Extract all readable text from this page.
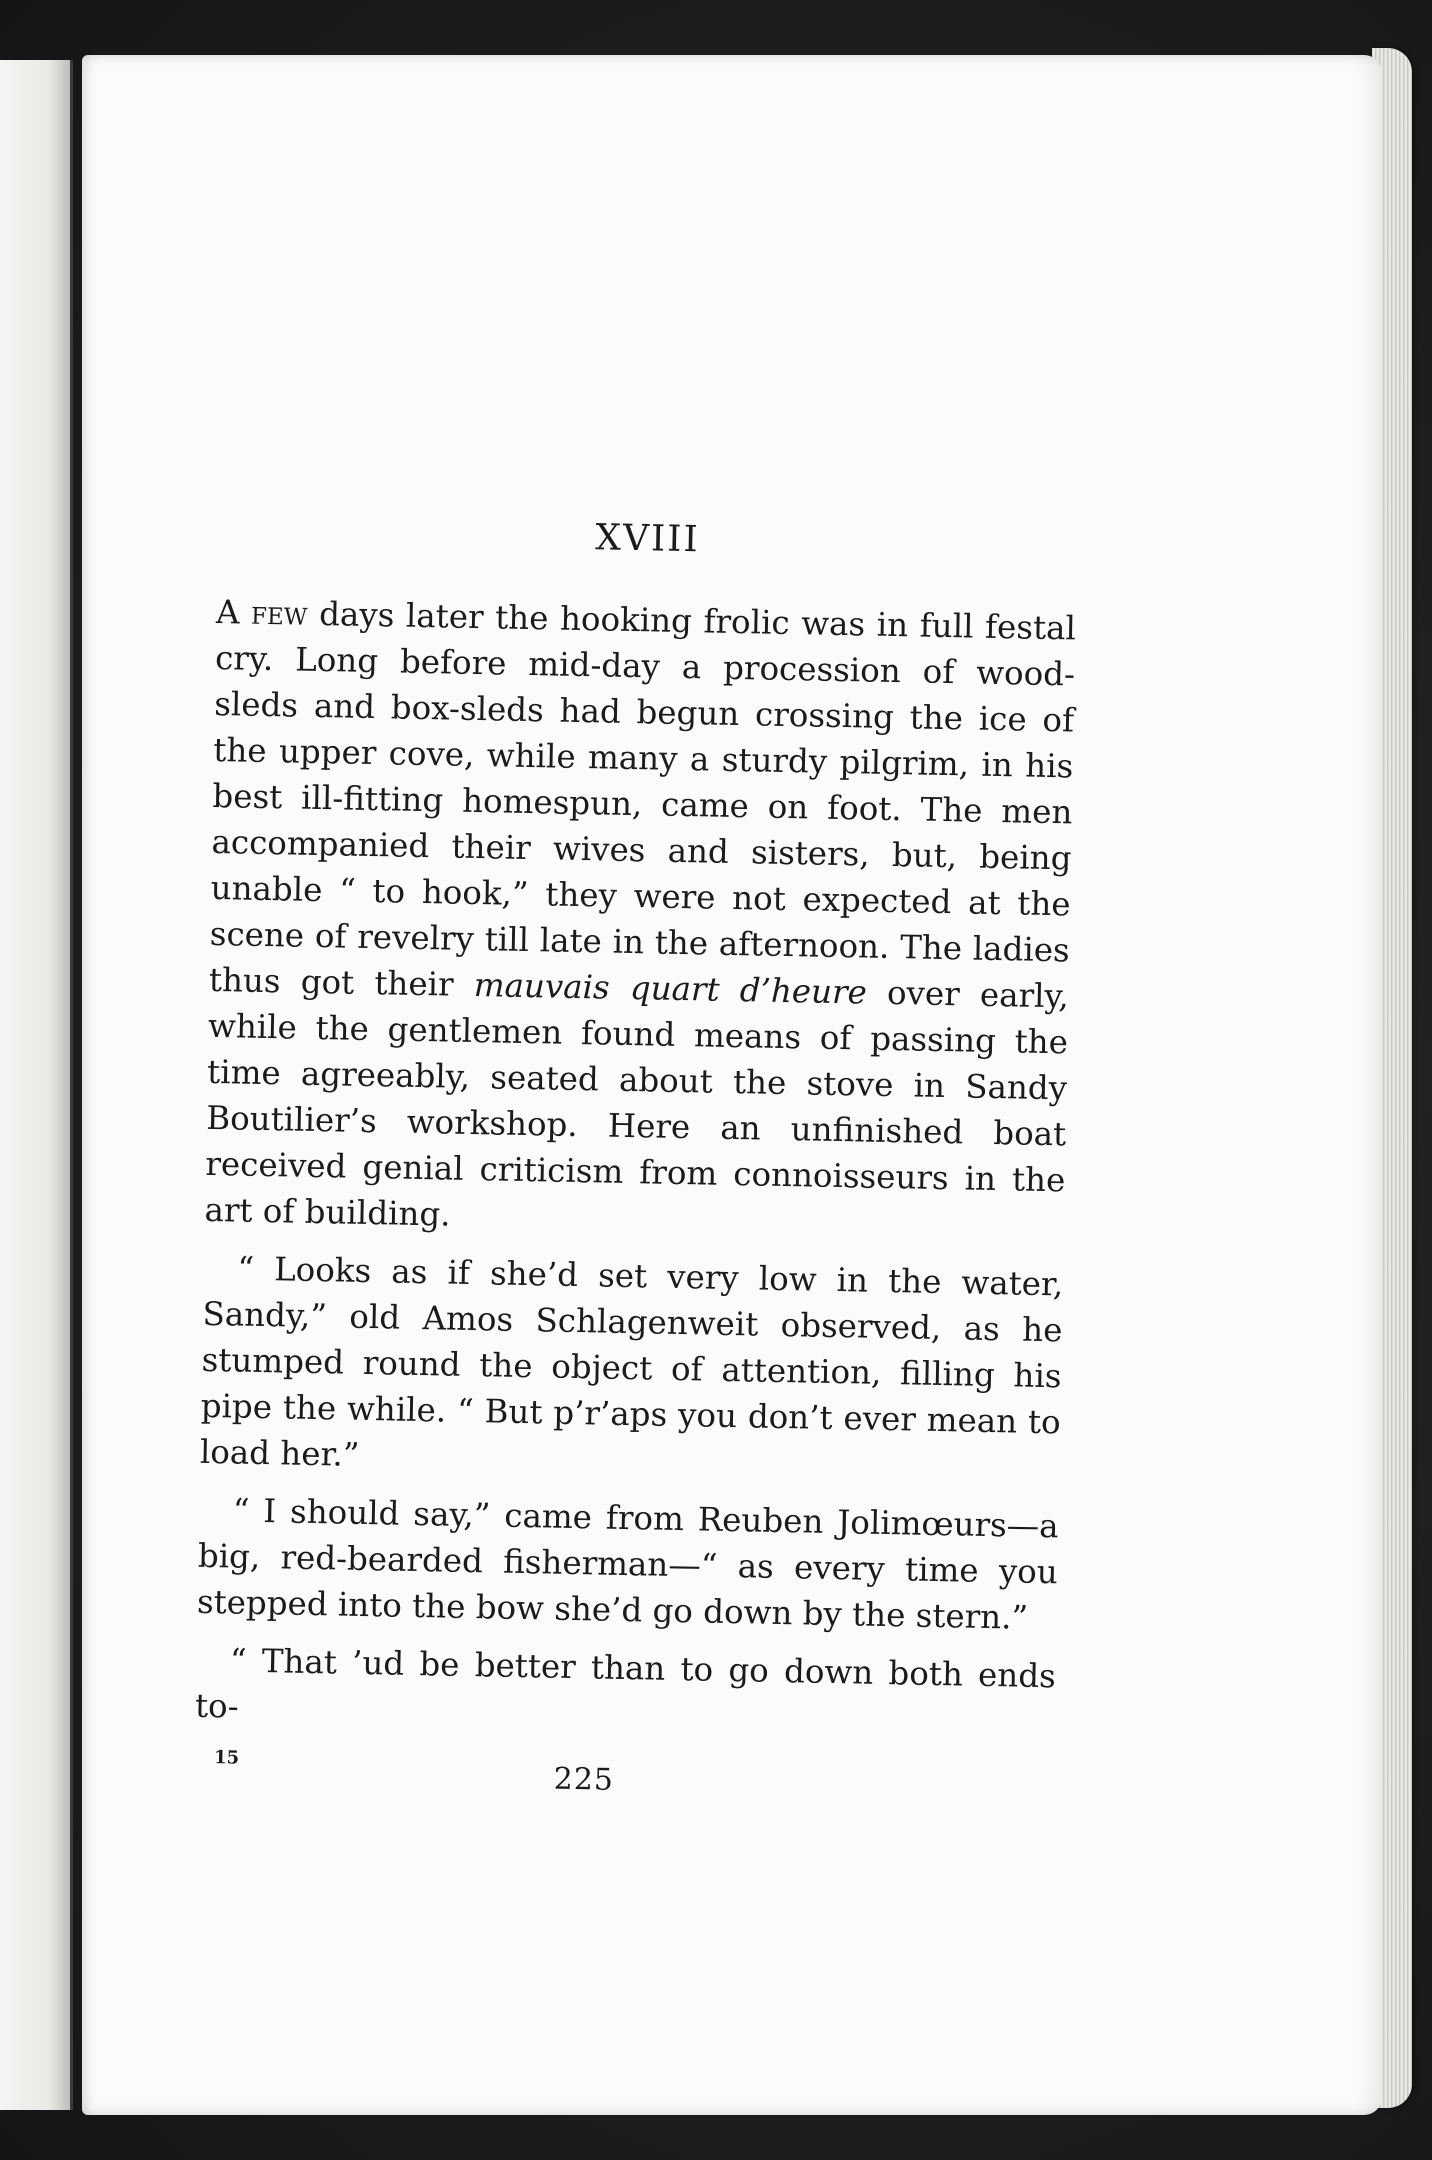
XVIII

A few days later the hooking frolic was in full festal cry. Long before mid-day a procession of wood-sleds and box-sleds had begun crossing the ice of the upper cove, while many a sturdy pilgrim, in his best ill-fitting homespun, came on foot. The men accompanied their wives and sisters, but, being unable “ to hook,” they were not expected at the scene of revelry till late in the afternoon. The ladies thus got their mauvais quart d’heure over early, while the gentlemen found means of passing the time agreeably, seated about the stove in Sandy Boutilier’s workshop. Here an unfinished boat received genial criticism from connoisseurs in the art of building.

“ Looks as if she’d set very low in the water, Sandy,” old Amos Schlagenweit observed, as he stumped round the object of attention, filling his pipe the while. “ But p’r’aps you don’t ever mean to load her.”

“ I should say,” came from Reuben Jolimœurs—a big, red-bearded fisherman—“ as every time you stepped into the bow she’d go down by the stern.”

“ That ’ud be better than to go down both ends to-

15
225
